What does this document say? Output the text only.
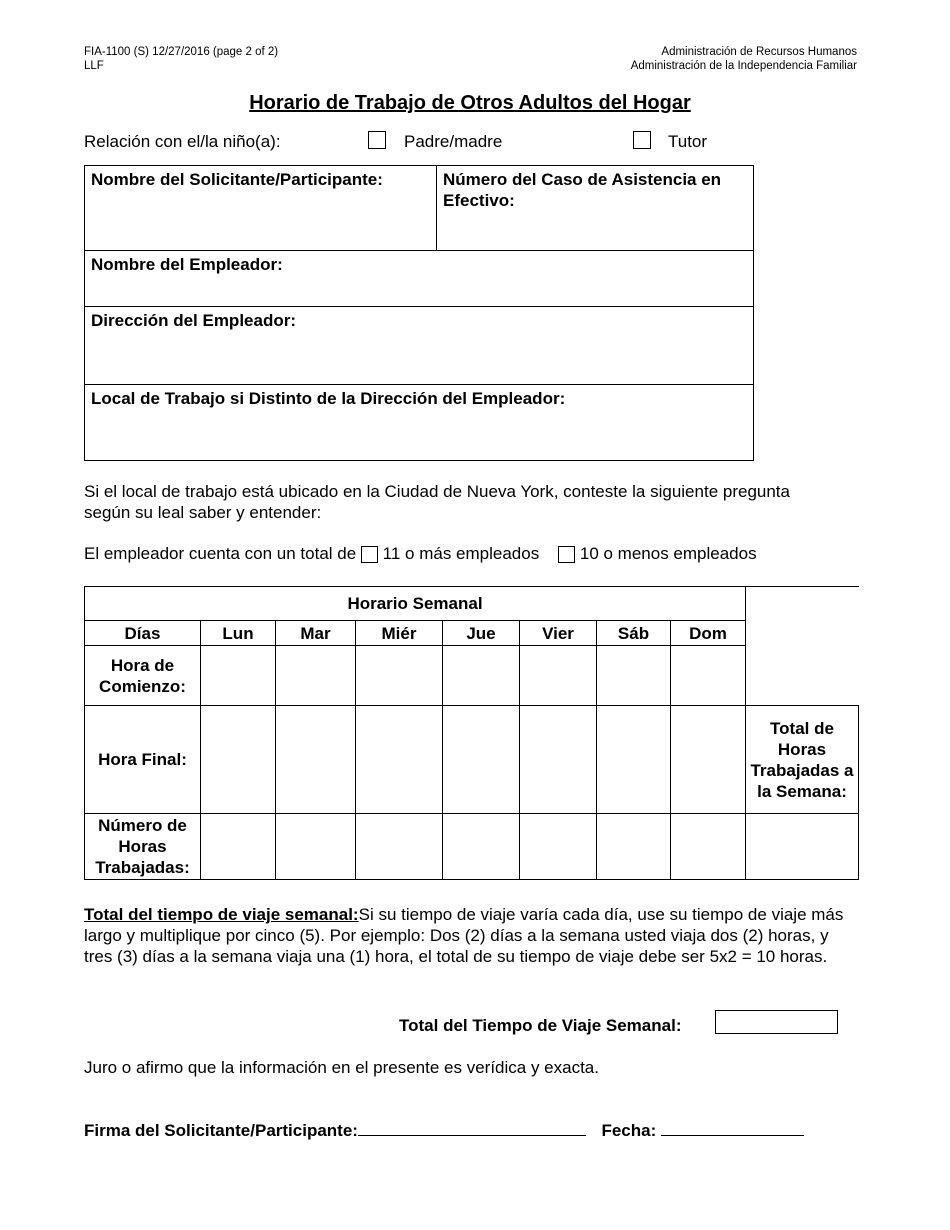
FIA-1100 (S) 12/27/2016 (page 2 of 2)
LLF
Administración de Recursos Humanos
Administración de la Independencia Familiar
Horario de Trabajo de Otros Adultos del Hogar
Relación con el/la niño(a):	Padre/madre	Tutor
Nombre del Solicitante/Participante:	Número del Caso de Asistencia en Efectivo:
Nombre del Empleador:
Dirección del Empleador:
Local de Trabajo si Distinto de la Dirección del Empleador:
Si el local de trabajo está ubicado en la Ciudad de Nueva York, conteste la siguiente pregunta según su leal saber y entender:
El empleador cuenta con un total de 11 o más empleados 10 o menos empleados
Horario Semanal								
Días	Lun	Mar	Miér	Jue	Vier	Sáb	Dom	
Hora de Comienzo:								
Hora Final:								Total de Horas Trabajadas a la Semana:
Número de Horas Trabajadas:								
Total del tiempo de viaje semanal:Si su tiempo de viaje varía cada día, use su tiempo de viaje más largo y multiplique por cinco (5). Por ejemplo: Dos (2) días a la semana usted viaja dos (2) horas, y tres (3) días a la semana viaja una (1) hora, el total de su tiempo de viaje debe ser 5x2 = 10 horas.
Total del Tiempo de Viaje Semanal:
Juro o afirmo que la información en el presente es verídica y exacta.
Firma del Solicitante/Participante:	Fecha:
